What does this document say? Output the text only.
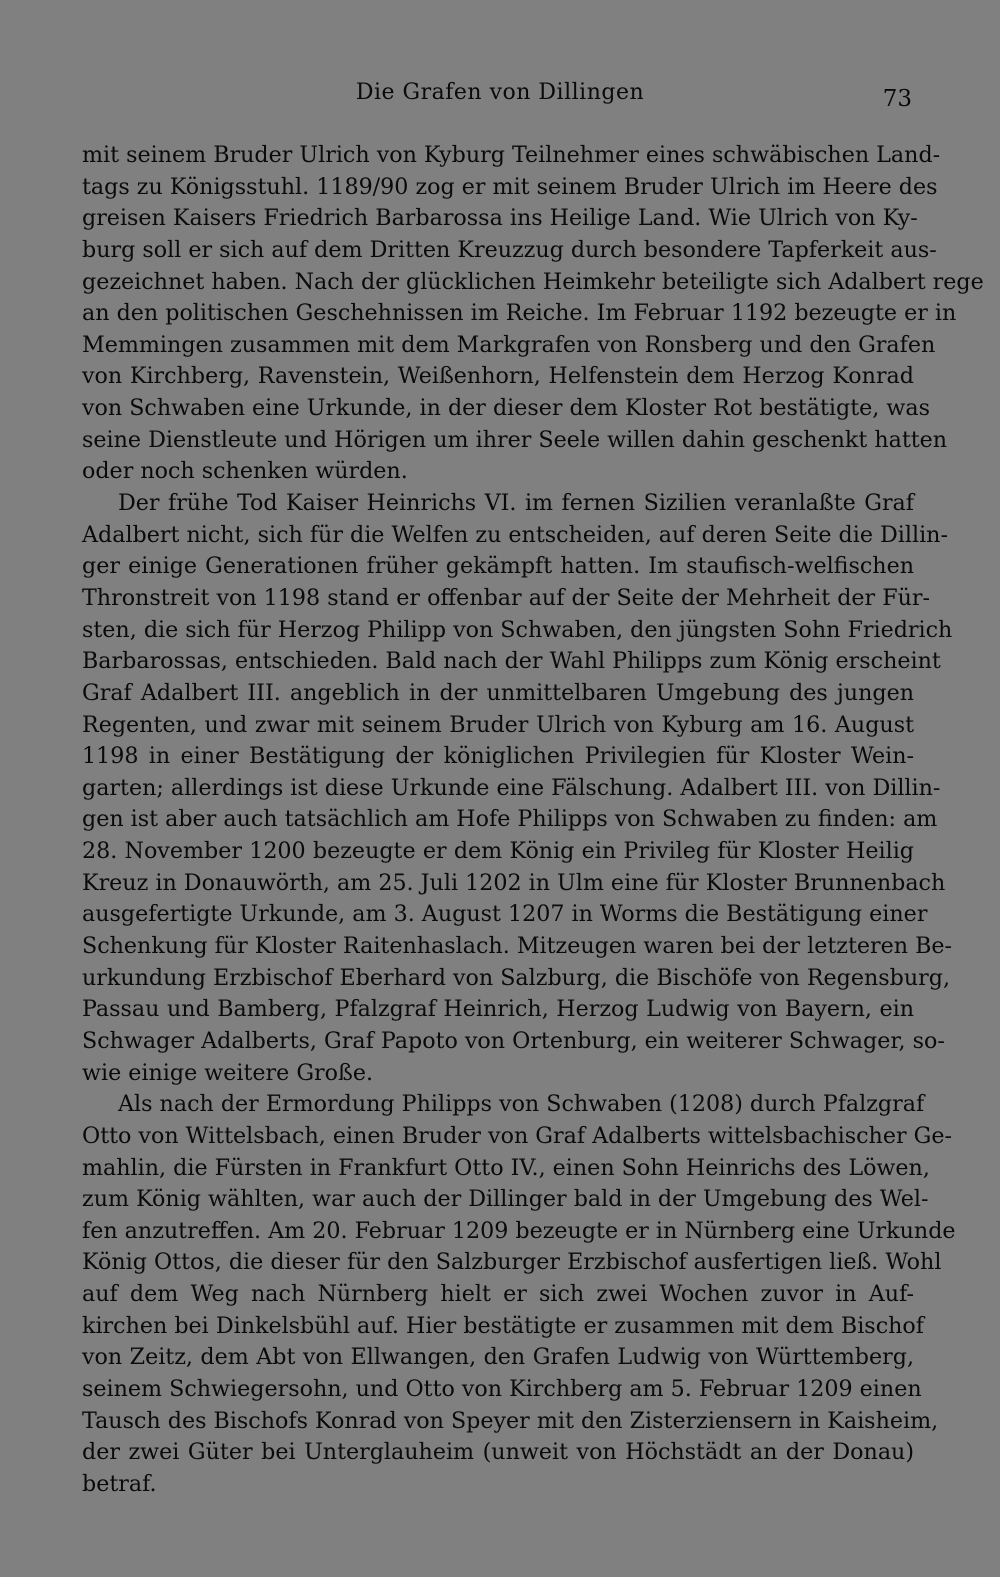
Die Grafen von Dillingen	73
mit seinem Bruder Ulrich von Kyburg Teilnehmer eines schwäbischen Land-
tags zu Königsstuhl. 1189/90 zog er mit seinem Bruder Ulrich im Heere des
greisen Kaisers Friedrich Barbarossa ins Heilige Land. Wie Ulrich von Ky-
burg soll er sich auf dem Dritten Kreuzzug durch besondere Tapferkeit aus-
gezeichnet haben. Nach der glücklichen Heimkehr beteiligte sich Adalbert rege
an den politischen Geschehnissen im Reiche. Im Februar 1192 bezeugte er in
Memmingen zusammen mit dem Markgrafen von Ronsberg und den Grafen
von Kirchberg, Ravenstein, Weißenhorn, Helfenstein dem Herzog Konrad
von Schwaben eine Urkunde, in der dieser dem Kloster Rot bestätigte, was
seine Dienstleute und Hörigen um ihrer Seele willen dahin geschenkt hatten
oder noch schenken würden.
Der frühe Tod Kaiser Heinrichs VI. im fernen Sizilien veranlaßte Graf
Adalbert nicht, sich für die Welfen zu entscheiden, auf deren Seite die Dillin-
ger einige Generationen früher gekämpft hatten. Im staufisch-welfischen
Thronstreit von 1198 stand er offenbar auf der Seite der Mehrheit der Für-
sten, die sich für Herzog Philipp von Schwaben, den jüngsten Sohn Friedrich
Barbarossas, entschieden. Bald nach der Wahl Philipps zum König erscheint
Graf Adalbert III. angeblich in der unmittelbaren Umgebung des jungen
Regenten, und zwar mit seinem Bruder Ulrich von Kyburg am 16. August
1198 in einer Bestätigung der königlichen Privilegien für Kloster Wein-
garten; allerdings ist diese Urkunde eine Fälschung. Adalbert III. von Dillin-
gen ist aber auch tatsächlich am Hofe Philipps von Schwaben zu finden: am
28. November 1200 bezeugte er dem König ein Privileg für Kloster Heilig
Kreuz in Donauwörth, am 25. Juli 1202 in Ulm eine für Kloster Brunnenbach
ausgefertigte Urkunde, am 3. August 1207 in Worms die Bestätigung einer
Schenkung für Kloster Raitenhaslach. Mitzeugen waren bei der letzteren Be-
urkundung Erzbischof Eberhard von Salzburg, die Bischöfe von Regensburg,
Passau und Bamberg, Pfalzgraf Heinrich, Herzog Ludwig von Bayern, ein
Schwager Adalberts, Graf Papoto von Ortenburg, ein weiterer Schwager, so-
wie einige weitere Große.
Als nach der Ermordung Philipps von Schwaben (1208) durch Pfalzgraf
Otto von Wittelsbach, einen Bruder von Graf Adalberts wittelsbachischer Ge-
mahlin, die Fürsten in Frankfurt Otto IV., einen Sohn Heinrichs des Löwen,
zum König wählten, war auch der Dillinger bald in der Umgebung des Wel-
fen anzutreffen. Am 20. Februar 1209 bezeugte er in Nürnberg eine Urkunde
König Ottos, die dieser für den Salzburger Erzbischof ausfertigen ließ. Wohl
auf dem Weg nach Nürnberg hielt er sich zwei Wochen zuvor in Auf-
kirchen bei Dinkelsbühl auf. Hier bestätigte er zusammen mit dem Bischof
von Zeitz, dem Abt von Ellwangen, den Grafen Ludwig von Württemberg,
seinem Schwiegersohn, und Otto von Kirchberg am 5. Februar 1209 einen
Tausch des Bischofs Konrad von Speyer mit den Zisterziensern in Kaisheim,
der zwei Güter bei Unterglauheim (unweit von Höchstädt an der Donau)
betraf.
